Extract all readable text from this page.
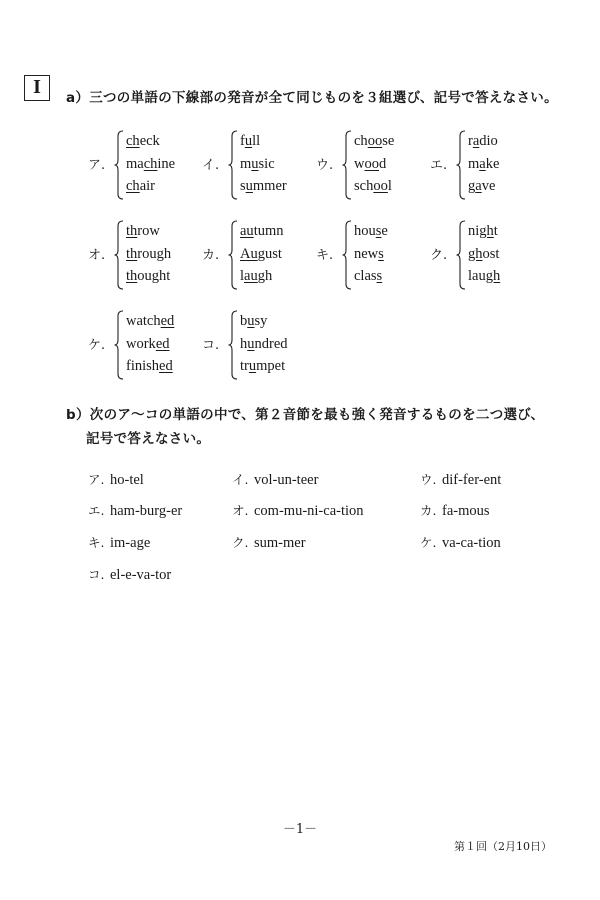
I	a）三つの単語の下線部の発音が全て同じものを３組選び、記号で答えなさい。
ア.
check
machine
chair
イ.
full
music
summer
ウ.
choose
wood
school
エ.
radio
make
gave
オ.
throw
through
thought
カ.
autumn
August
laugh
キ.
house
news
class
ク.
night
ghost
laugh
ケ.
watched
worked
finished
コ.
busy
hundred
trumpet
b）次のア～コの単語の中で、第２音節を最も強く発音するものを二つ選び、
記号で答えなさい。
ア. ho-tel	イ. vol-un-teer	ウ. dif-fer-ent
エ. ham-burg-er	オ. com-mu-ni-ca-tion	カ. fa-mous
キ. im-age	ク. sum-mer	ケ. va-ca-tion
コ. el-e-va-tor
－1－
第１回（2月10日）
